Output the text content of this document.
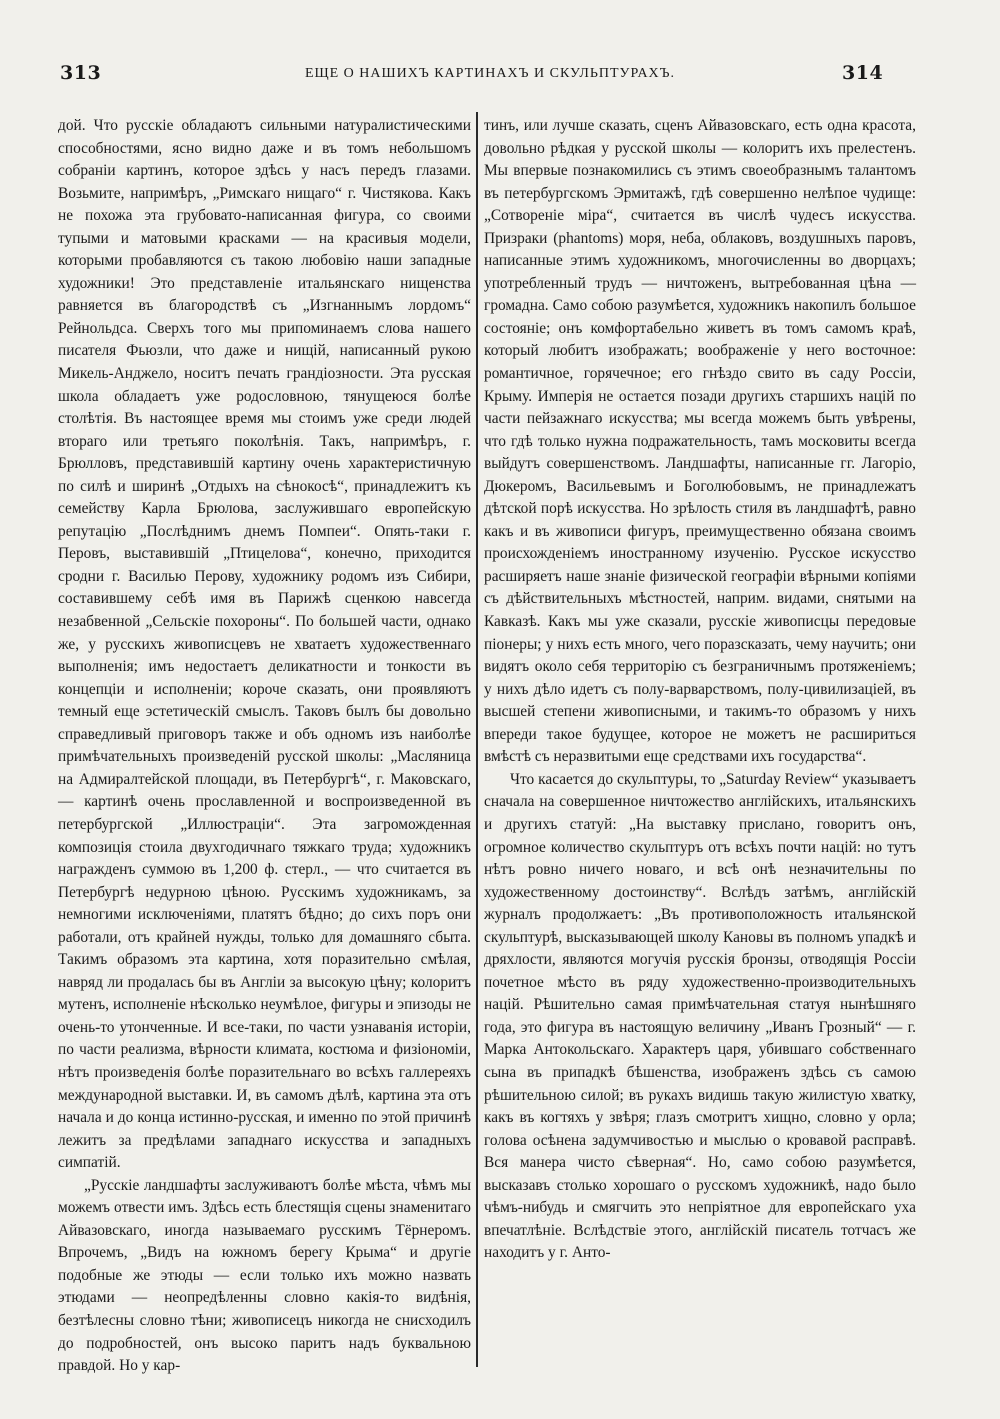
313	ЕЩЕ О НАШИХЪ КАРТИНАХЪ И СКУЛЬПТУРАХЪ.	314

дой. Что русскіе обладаютъ сильными натуралистическими способностями, ясно видно даже и въ томъ небольшомъ собраніи картинъ, которое здѣсь у насъ передъ глазами. Возьмите, напримѣръ, „Римскаго нищаго“ г. Чистякова. Какъ не похожа эта грубовато-написанная фигура, со своими тупыми и матовыми красками — на красивыя модели, которыми пробавляются съ такою любовію наши западные художники! Это представленіе итальянскаго нищенства равняется въ благородствѣ съ „Изгнаннымъ лордомъ“ Рейнольдса. Сверхъ того мы припоминаемъ слова нашего писателя Фьюзли, что даже и нищій, написанный рукою Микель-Анджело, носитъ печать грандіозности. Эта русская школа обладаетъ уже родословною, тянущеюся болѣе столѣтія. Въ настоящее время мы стоимъ уже среди людей втораго или третьяго поколѣнія. Такъ, напримѣръ, г. Брюлловъ, представившій картину очень характеристичную по силѣ и ширинѣ „Отдыхъ на сѣнокосѣ“, принадлежитъ къ семейству Карла Брюлова, заслужившаго европейскую репутацію „Послѣднимъ днемъ Помпеи“. Опять-таки г. Перовъ, выставившій „Птицелова“, конечно, приходится сродни г. Василью Перову, художнику родомъ изъ Сибири, составившему себѣ имя въ Парижѣ сценкою навсегда незабвенной „Сельскіе похороны“. По большей части, однако же, у русскихъ живописцевъ не хватаетъ художественнаго выполненія; имъ недостаетъ деликатности и тонкости въ концепціи и исполненіи; короче сказать, они проявляютъ темный еще эстетическій смыслъ. Таковъ былъ бы довольно справедливый приговоръ также и объ одномъ изъ наиболѣе примѣчательныхъ произведеній русской школы: „Масляница на Адмиралтейской площади, въ Петербургѣ“, г. Маковскаго, — картинѣ очень прославленной и воспроизведенной въ петербургской „Иллюстраціи“. Эта загроможденная композиція стоила двухгодичнаго тяжкаго труда; художникъ награжденъ суммою въ 1,200 ф. стерл., — что считается въ Петербургѣ недурною цѣною. Русскимъ художникамъ, за немногими исключеніями, платятъ бѣдно; до сихъ поръ они работали, отъ крайней нужды, только для домашняго сбыта. Такимъ образомъ эта картина, хотя поразительно смѣлая, навряд ли продалась бы въ Англіи за высокую цѣну; колоритъ мутенъ, исполненіе нѣсколько неумѣлое, фигуры и эпизоды не очень-то утонченные. И все-таки, по части узнаванія исторіи, по части реализма, вѣрности климата, костюма и физіономіи, нѣтъ произведенія болѣе поразительнаго во всѣхъ галлереяхъ международной выставки. И, въ самомъ дѣлѣ, картина эта отъ начала и до конца истинно-русская, и именно по этой причинѣ лежитъ за предѣлами западнаго искусства и западныхъ симпатій.

„Русскіе ландшафты заслуживаютъ болѣе мѣста, чѣмъ мы можемъ отвести имъ. Здѣсь есть блестящія сцены знаменитаго Айвазовскаго, иногда называемаго русскимъ Тёрнеромъ. Впрочемъ, „Видъ на южномъ берегу Крыма“ и другіе подобные же этюды — если только ихъ можно назвать этюдами — неопредѣленны словно какія-то видѣнія, безтѣлесны словно тѣни; живописецъ никогда не снисходилъ до подробностей, онъ высоко паритъ надъ буквальною правдой. Но у кар-

тинъ, или лучше сказать, сценъ Айвазовскаго, есть одна красота, довольно рѣдкая у русской школы — колоритъ ихъ прелестенъ. Мы впервые познакомились съ этимъ своеобразнымъ талантомъ въ петербургскомъ Эрмитажѣ, гдѣ совершенно нелѣпое чудище: „Сотвореніе міра“, считается въ числѣ чудесъ искусства. Призраки (phantoms) моря, неба, облаковъ, воздушныхъ паровъ, написанные этимъ художникомъ, многочисленны во дворцахъ; употребленный трудъ — ничтоженъ, вытребованная цѣна — громадна. Само собою разумѣется, художникъ накопилъ большое состояніе; онъ комфортабельно живетъ въ томъ самомъ краѣ, который любитъ изображать; воображеніе у него восточное: романтичное, горячечное; его гнѣздо свито въ саду Россіи, Крыму. Имперія не остается позади другихъ старшихъ націй по части пейзажнаго искусства; мы всегда можемъ быть увѣрены, что гдѣ только нужна подражательность, тамъ московиты всегда выйдутъ совершенствомъ. Ландшафты, написанные гг. Лагоріо, Дюкеромъ, Васильевымъ и Боголюбовымъ, не принадлежатъ дѣтской порѣ искусства. Но зрѣлость стиля въ ландшафтѣ, равно какъ и въ живописи фигуръ, преимущественно обязана своимъ происхожденіемъ иностранному изученію. Русское искусство расширяетъ наше знаніе физической географіи вѣрными копіями съ дѣйствительныхъ мѣстностей, наприм. видами, снятыми на Кавказѣ. Какъ мы уже сказали, русскіе живописцы передовые піонеры; у нихъ есть много, чего поразсказать, чему научить; они видятъ около себя территорію съ безграничнымъ протяженіемъ; у нихъ дѣло идетъ съ полу-варварствомъ, полу-цивилизаціей, въ высшей степени живописными, и такимъ-то образомъ у нихъ впереди такое будущее, которое не можетъ не расшириться вмѣстѣ съ неразвитыми еще средствами ихъ государства“.

Что касается до скульптуры, то „Saturday Review“ указываетъ сначала на совершенное ничтожество англійскихъ, итальянскихъ и другихъ статуй: „На выставку прислано, говоритъ онъ, огромное количество скульптуръ отъ всѣхъ почти націй: но тутъ нѣтъ ровно ничего новаго, и всѣ онѣ незначительны по художественному достоинству“. Вслѣдъ затѣмъ, англійскій журналъ продолжаетъ: „Въ противоположность итальянской скульптурѣ, высказывающей школу Кановы въ полномъ упадкѣ и дряхлости, являются могучія русскія бронзы, отводящія Россіи почетное мѣсто въ ряду художественно-производительныхъ націй. Рѣшительно самая примѣчательная статуя нынѣшняго года, это фигура въ настоящую величину „Иванъ Грозный“ — г. Марка Антокольскаго. Характеръ царя, убившаго собственнаго сына въ припадкѣ бѣшенства, изображенъ здѣсь съ самою рѣшительною силой; въ рукахъ видишь такую жилистую хватку, какъ въ когтяхъ у звѣря; глазъ смотритъ хищно, словно у орла; голова осѣнена задумчивостью и мыслью о кровавой расправѣ. Вся манера чисто сѣверная“. Но, само собою разумѣется, высказавъ столько хорошаго о русскомъ художникѣ, надо было чѣмъ-нибудь и смягчить это непріятное для европейскаго уха впечатлѣніе. Вслѣдствіе этого, англійскій писатель тотчасъ же находитъ у г. Анто-
